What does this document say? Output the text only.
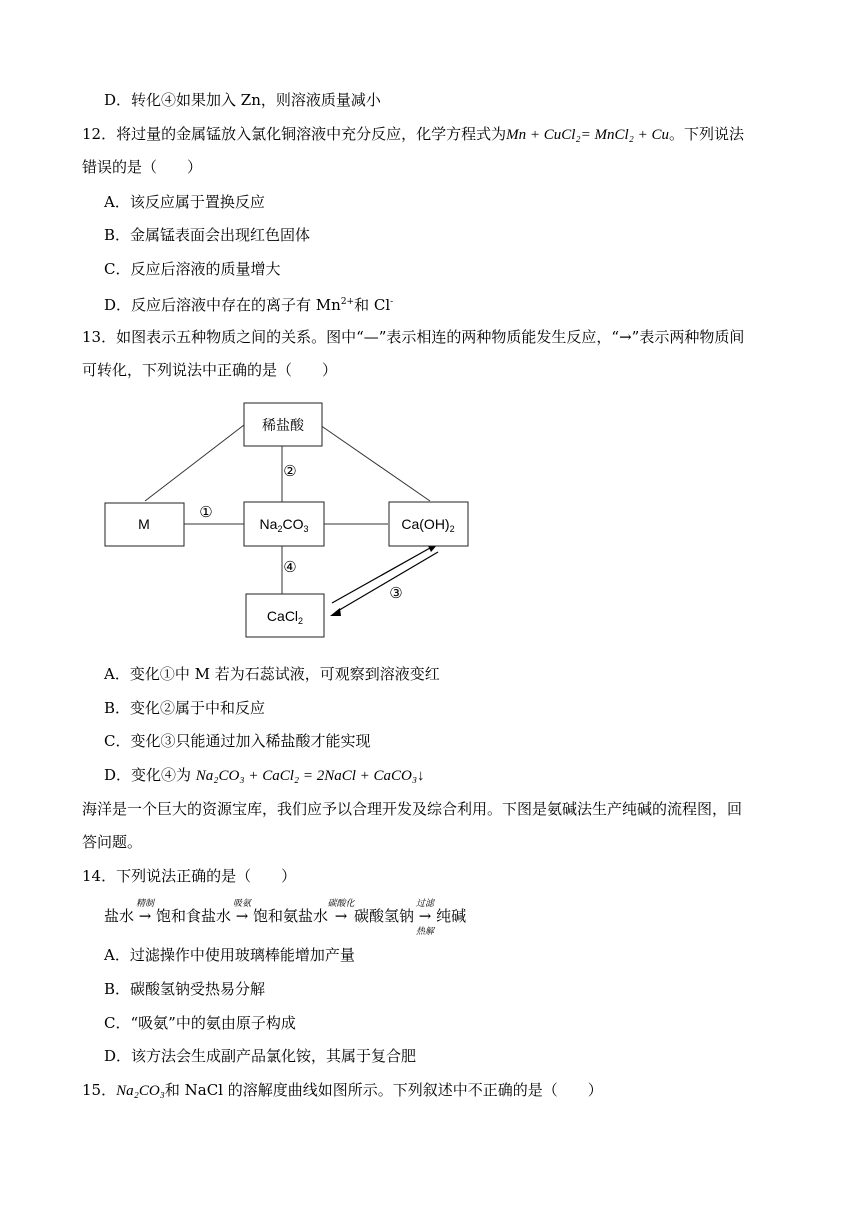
D．转化④如果加入 Zn，则溶液质量减小
12．将过量的金属锰放入氯化铜溶液中充分反应，化学方程式为Mn + CuCl₂= MnCl₂ + Cu。下列说法
错误的是（　　）
A．该反应属于置换反应
B．金属锰表面会出现红色固体
C．反应后溶液的质量增大
D．反应后溶液中存在的离子有 $Mn^{2+}$和 Cl-
13．如图表示五种物质之间的关系。图中“—”表示相连的两种物质能发生反应，“→”表示两种物质间
可转化，下列说法中正确的是（　　）
稀盐酸
M	$Na_2CO_3$	$Ca(OH)_2$
CaCl$_2$
①
②
③
④
A．变化①中 M 若为石蕊试液，可观察到溶液变红
B．变化②属于中和反应
C．变化③只能通过加入稀盐酸才能实现
D．变化④为 Na₂CO₃ + CaCl₂ = 2NaCl + CaCO₃↓
海洋是一个巨大的资源宝库，我们应予以合理开发及综合利用。下图是氨碱法生产纯碱的流程图，回
答问题。
14．下列说法正确的是（　　）
盐水
精制
→ 饱和食盐水
吸氨
→ 饱和氨盐水
碳酸化
→ 碳酸氢钠
过滤
→
热解
纯碱
A．过滤操作中使用玻璃棒能增加产量
B．碳酸氢钠受热易分解
C．“吸氨”中的氨由原子构成
D．该方法会生成副产品氯化铵，其属于复合肥
15．Na₂CO₃和 NaCl 的溶解度曲线如图所示。下列叙述中不正确的是（　　）
